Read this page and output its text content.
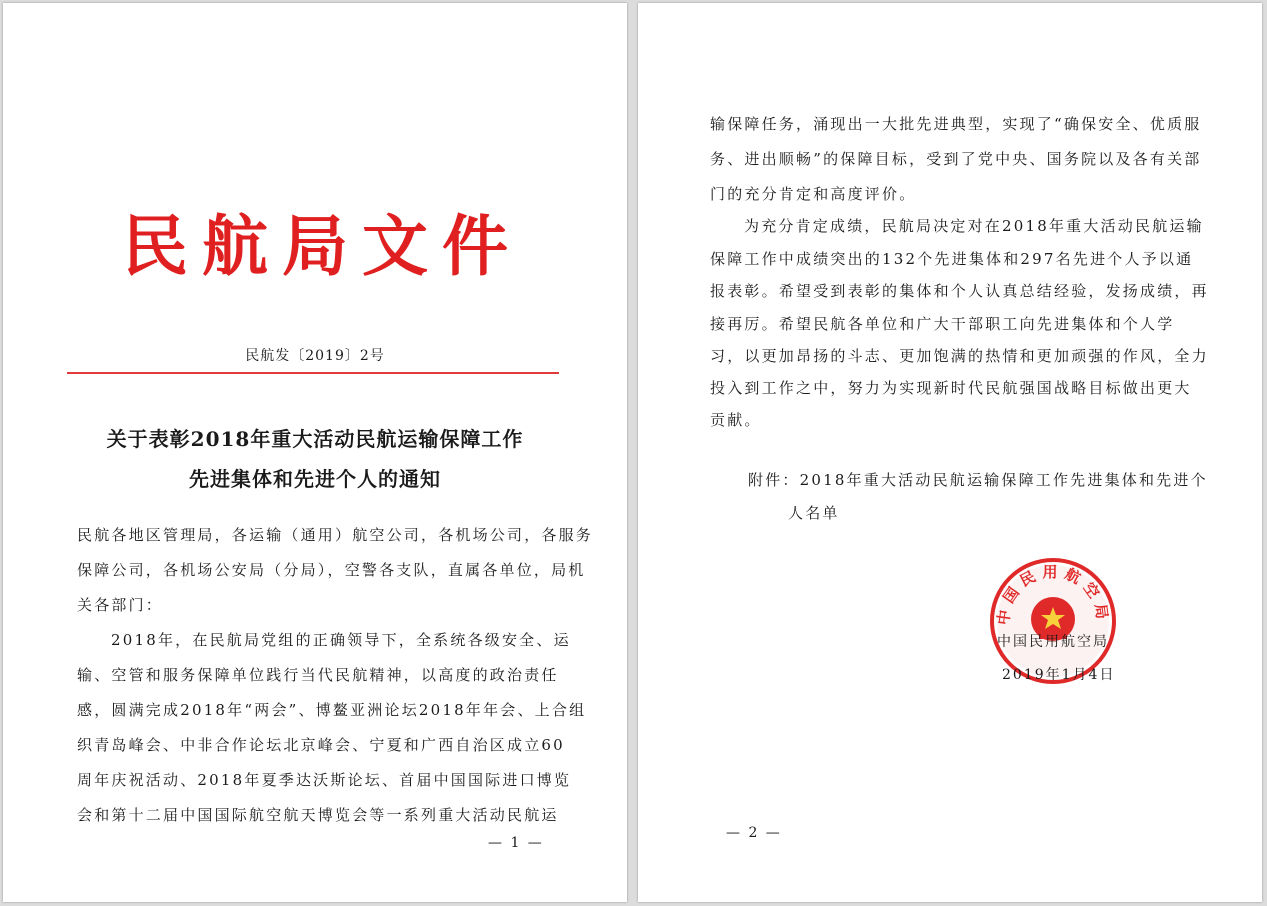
民航局文件
民航发〔2019〕2号
关于表彰2018年重大活动民航运输保障工作
先进集体和先进个人的通知
民航各地区管理局，各运输（通用）航空公司，各机场公司，各服务
保障公司，各机场公安局（分局），空警各支队，直属各单位，局机
关各部门：
2018年，在民航局党组的正确领导下，全系统各级安全、运
输、空管和服务保障单位践行当代民航精神，以高度的政治责任
感，圆满完成2018年“两会”、博鳌亚洲论坛2018年年会、上合组
织青岛峰会、中非合作论坛北京峰会、宁夏和广西自治区成立60
周年庆祝活动、2018年夏季达沃斯论坛、首届中国国际进口博览
会和第十二届中国国际航空航天博览会等一系列重大活动民航运
— 1 —
输保障任务，涌现出一大批先进典型，实现了“确保安全、优质服
务、进出顺畅”的保障目标，受到了党中央、国务院以及各有关部
门的充分肯定和高度评价。
为充分肯定成绩，民航局决定对在2018年重大活动民航运输
保障工作中成绩突出的132个先进集体和297名先进个人予以通
报表彰。希望受到表彰的集体和个人认真总结经验，发扬成绩，再
接再厉。希望民航各单位和广大干部职工向先进集体和个人学
习，以更加昂扬的斗志、更加饱满的热情和更加顽强的作风，全力
投入到工作之中，努力为实现新时代民航强国战略目标做出更大
贡献。
附件：2018年重大活动民航运输保障工作先进集体和先进个
人名单
中国民用航空局
中国民用航空局
2019年1月4日
— 2 —
